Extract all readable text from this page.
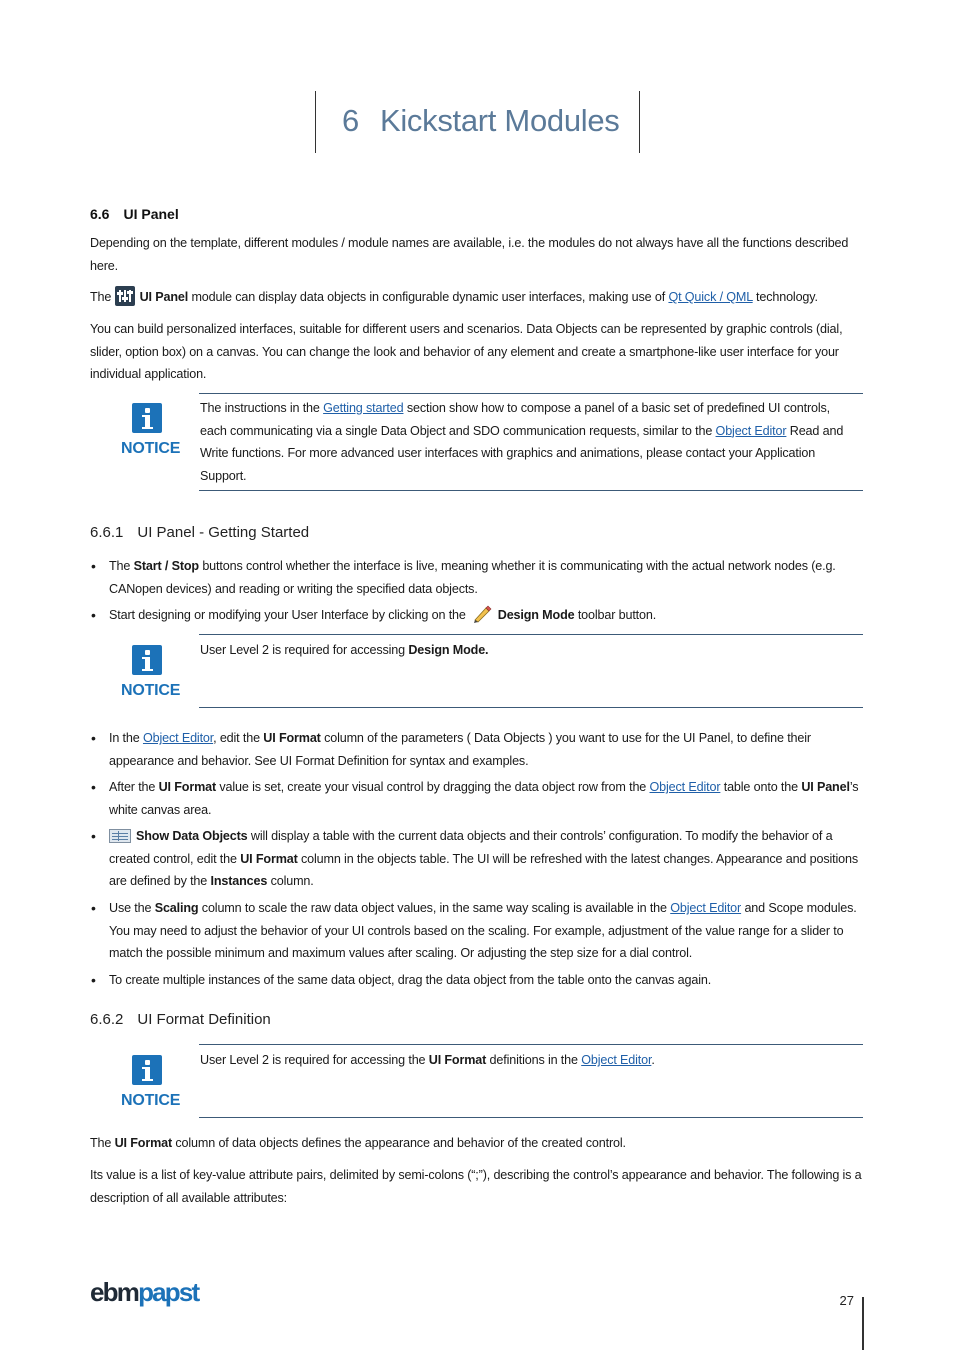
6 Kickstart Modules
6.6 UI Panel
Depending on the template, different modules / module names are available, i.e. the modules do not always have all the functions described here.
The UI Panel module can display data objects in configurable dynamic user interfaces, making use of Qt Quick / QML technology.
You can build personalized interfaces, suitable for different users and scenarios. Data Objects can be represented by graphic controls (dial, slider, option box) on a canvas. You can change the look and behavior of any element and create a smartphone-like user interface for your individual application.
NOTICE
The instructions in the Getting started section show how to compose a panel of a basic set of predefined UI controls, each communicating via a single Data Object and SDO communication requests, similar to the Object Editor Read and Write functions. For more advanced user interfaces with graphics and animations, please contact your Application Support.
6.6.1 UI Panel - Getting Started
• The Start / Stop buttons control whether the interface is live, meaning whether it is communicating with the actual network nodes (e.g. CANopen devices) and reading or writing the specified data objects.
• Start designing or modifying your User Interface by clicking on the	Design Mode toolbar button.
NOTICE
User Level 2 is required for accessing Design Mode.
• In the Object Editor, edit the UI Format column of the parameters ( Data Objects ) you want to use for the UI Panel, to define their appearance and behavior. See UI Format Definition for syntax and examples.
• After the UI Format value is set, create your visual control by dragging the data object row from the Object Editor table onto the UI Panel’s white canvas area.
•	Show Data Objects will display a table with the current data objects and their controls’ configuration. To modify the behavior of a created control, edit the UI Format column in the objects table. The UI will be refreshed with the latest changes. Appearance and positions are defined by the Instances column.
• Use the Scaling column to scale the raw data object values, in the same way scaling is available in the Object Editor and Scope modules. You may need to adjust the behavior of your UI controls based on the scaling. For example, adjustment of the value range for a slider to match the possible minimum and maximum values after scaling. Or adjusting the step size for a dial control.
• To create multiple instances of the same data object, drag the data object from the table onto the canvas again.
6.6.2 UI Format Definition
NOTICE
User Level 2 is required for accessing the UI Format definitions in the Object Editor.
The UI Format column of data objects defines the appearance and behavior of the created control.
Its value is a list of key-value attribute pairs, delimited by semi-colons (“;”), describing the control’s appearance and behavior. The following is a description of all available attributes:
ebmpapst	27
